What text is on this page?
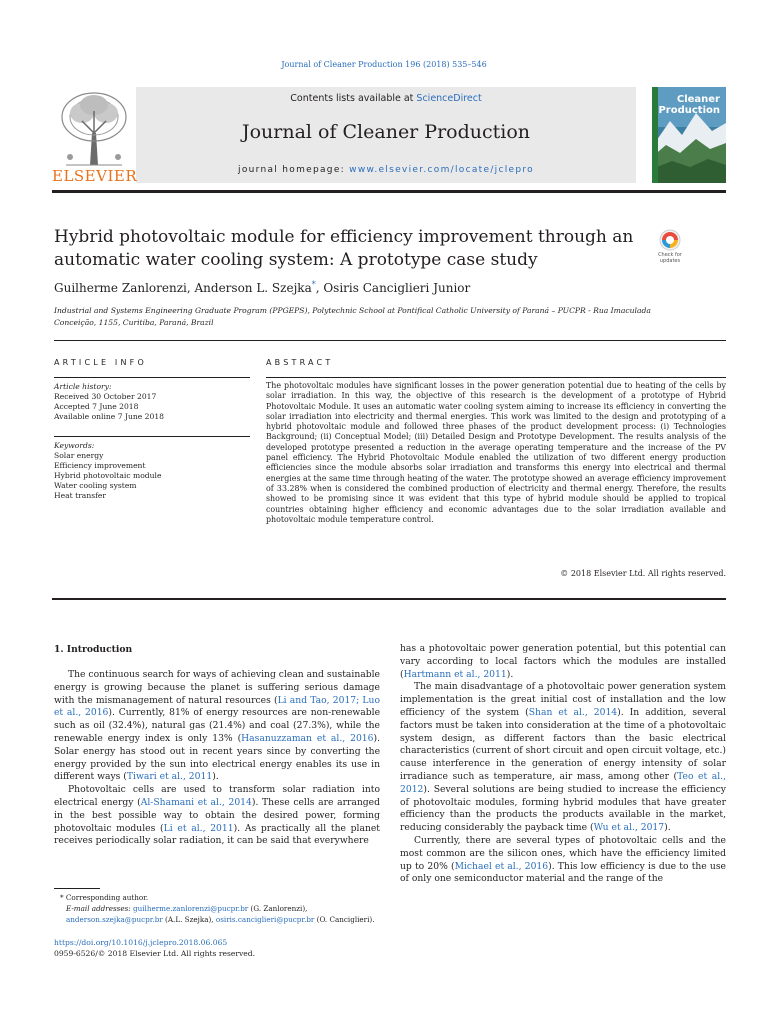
Journal of Cleaner Production 196 (2018) 535–546
ELSEVIER
Contents lists available at ScienceDirect
Journal of Cleaner Production
journal homepage: www.elsevier.com/locate/jclepro
Cleaner
Production
Hybrid photovoltaic module for efficiency improvement through an
automatic water cooling system: A prototype case study	Check for
updates
Guilherme Zanlorenzi, Anderson L. Szejka*, Osiris Canciglieri Junior
Industrial and Systems Engineering Graduate Program (PPGEPS), Polytechnic School at Pontifical Catholic University of Paraná – PUCPR - Rua Imaculada
Conceição, 1155, Curitiba, Paraná, Brazil
ARTICLE INFO
Article history:
Received 30 October 2017
Accepted 7 June 2018
Available online 7 June 2018
Keywords:
Solar energy
Efficiency improvement
Hybrid photovoltaic module
Water cooling system
Heat transfer
ABSTRACT
The photovoltaic modules have significant losses in the power generation potential due to heating of the cells by solar irradiation. In this way, the objective of this research is the development of a prototype of Hybrid Photovoltaic Module. It uses an automatic water cooling system aiming to increase its efficiency in converting the solar irradiation into electricity and thermal energies. This work was limited to the design and prototyping of a hybrid photovoltaic module and followed three phases of the product development process: (i) Technologies Background; (ii) Conceptual Model; (iii) Detailed Design and Prototype Development. The results analysis of the developed prototype presented a reduction in the average operating temperature and the increase of the PV panel efficiency. The Hybrid Photovoltaic Module enabled the utilization of two different energy production efficiencies since the module absorbs solar irradiation and transforms this energy into electrical and thermal energies at the same time through heating of the water. The prototype showed an average efficiency improvement of 33.28% when is considered the combined production of electricity and thermal energy. Therefore, the results showed to be promising since it was evident that this type of hybrid module should be applied to tropical countries obtaining higher efficiency and economic advantages due to the solar irradiation available and photovoltaic module temperature control.
© 2018 Elsevier Ltd. All rights reserved.
1. Introduction

The continuous search for ways of achieving clean and sustainable energy is growing because the planet is suffering serious damage with the mismanagement of natural resources (Li and Tao, 2017; Luo et al., 2016). Currently, 81% of energy resources are non-renewable such as oil (32.4%), natural gas (21.4%) and coal (27.3%), while the renewable energy index is only 13% (Hasanuzzaman et al., 2016). Solar energy has stood out in recent years since by converting the energy provided by the sun into electrical energy enables its use in different ways (Tiwari et al., 2011).

Photovoltaic cells are used to transform solar radiation into electrical energy (Al-Shamani et al., 2014). These cells are arranged in the best possible way to obtain the desired power, forming photovoltaic modules (Li et al., 2011). As practically all the planet receives periodically solar radiation, it can be said that everywhere

has a photovoltaic power generation potential, but this potential can vary according to local factors which the modules are installed (Hartmann et al., 2011).

The main disadvantage of a photovoltaic power generation system implementation is the great initial cost of installation and the low efficiency of the system (Shan et al., 2014). In addition, several factors must be taken into consideration at the time of a photovoltaic system design, as different factors than the basic electrical characteristics (current of short circuit and open circuit voltage, etc.) cause interference in the generation of energy intensity of solar irradiance such as temperature, air mass, among other (Teo et al., 2012). Several solutions are being studied to increase the efficiency of photovoltaic modules, forming hybrid modules that have greater efficiency than the products the products available in the market, reducing considerably the payback time (Wu et al., 2017).

Currently, there are several types of photovoltaic cells and the most common are the silicon ones, which have the efficiency limited up to 20% (Michael et al., 2016). This low efficiency is due to the use of only one semiconductor material and the range of the

* Corresponding author.
E-mail addresses: guilherme.zanlorenzi@pucpr.br (G. Zanlorenzi), anderson.szejka@pucpr.br (A.L. Szejka), osiris.canciglieri@pucpr.br (O. Canciglieri).
https://doi.org/10.1016/j.jclepro.2018.06.065
0959-6526/© 2018 Elsevier Ltd. All rights reserved.
